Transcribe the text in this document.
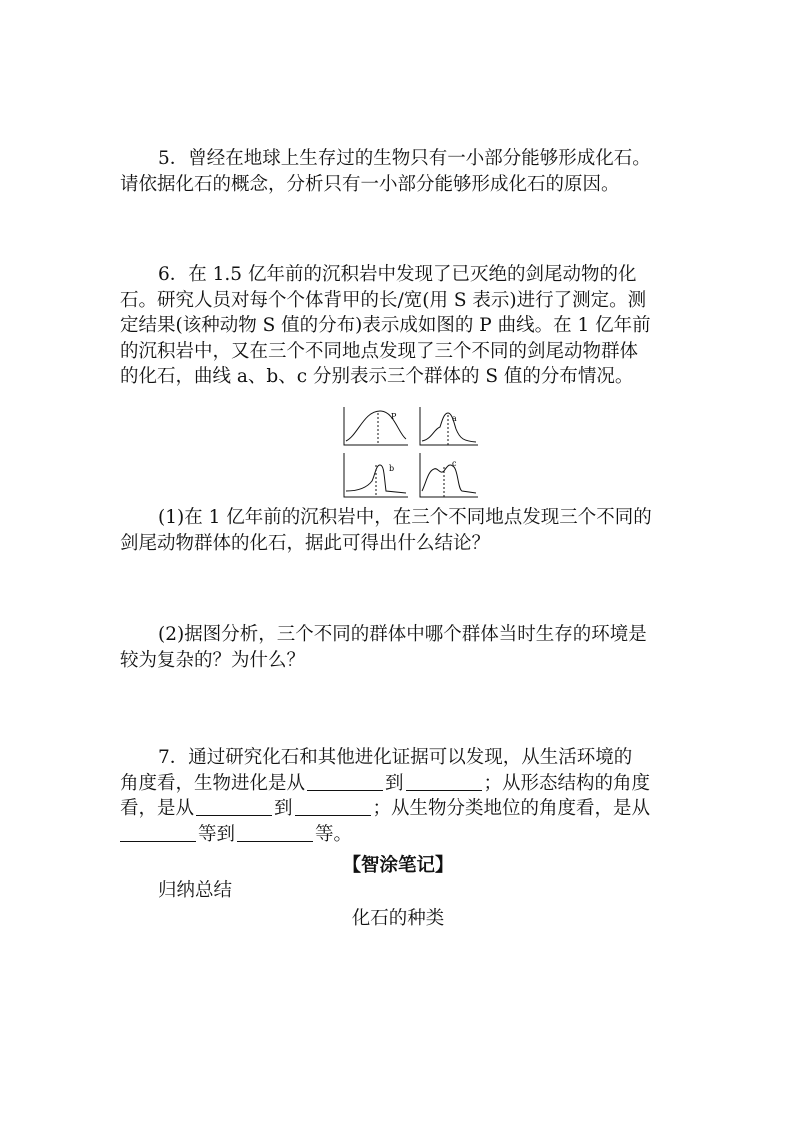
5．曾经在地球上生存过的生物只有一小部分能够形成化石。
请依据化石的概念，分析只有一小部分能够形成化石的原因。
6．在 1.5 亿年前的沉积岩中发现了已灭绝的剑尾动物的化
石。研究人员对每个个体背甲的长/宽(用 S 表示)进行了测定。测
定结果(该种动物 S 值的分布)表示成如图的 P 曲线。在 1 亿年前
的沉积岩中，又在三个不同地点发现了三个不同的剑尾动物群体
的化石，曲线 a、b、c 分别表示三个群体的 S 值的分布情况。
P	a
b
c
(1)在 1 亿年前的沉积岩中，在三个不同地点发现三个不同的
剑尾动物群体的化石，据此可得出什么结论？
(2)据图分析，三个不同的群体中哪个群体当时生存的环境是
较为复杂的？为什么？
7．通过研究化石和其他进化证据可以发现，从生活环境的
角度看，生物进化是从	到	；从形态结构的角度
看，是从	到	；从生物分类地位的角度看，是从
等到	等。
【智涂笔记】
归纳总结
化石的种类
